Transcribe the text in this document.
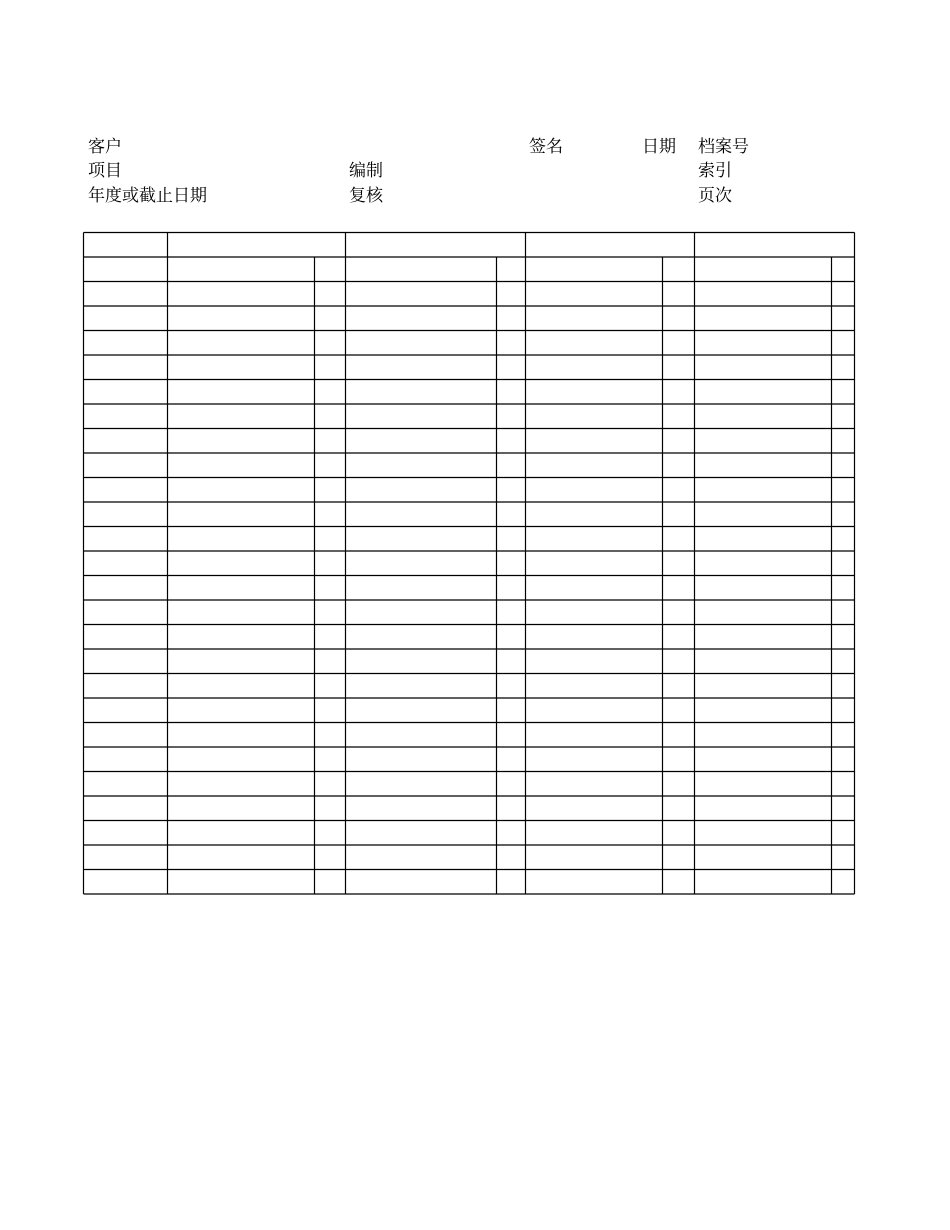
客户
项目
年度或截止日期
编制
复核
签名	日期 档案号
索引
页次
